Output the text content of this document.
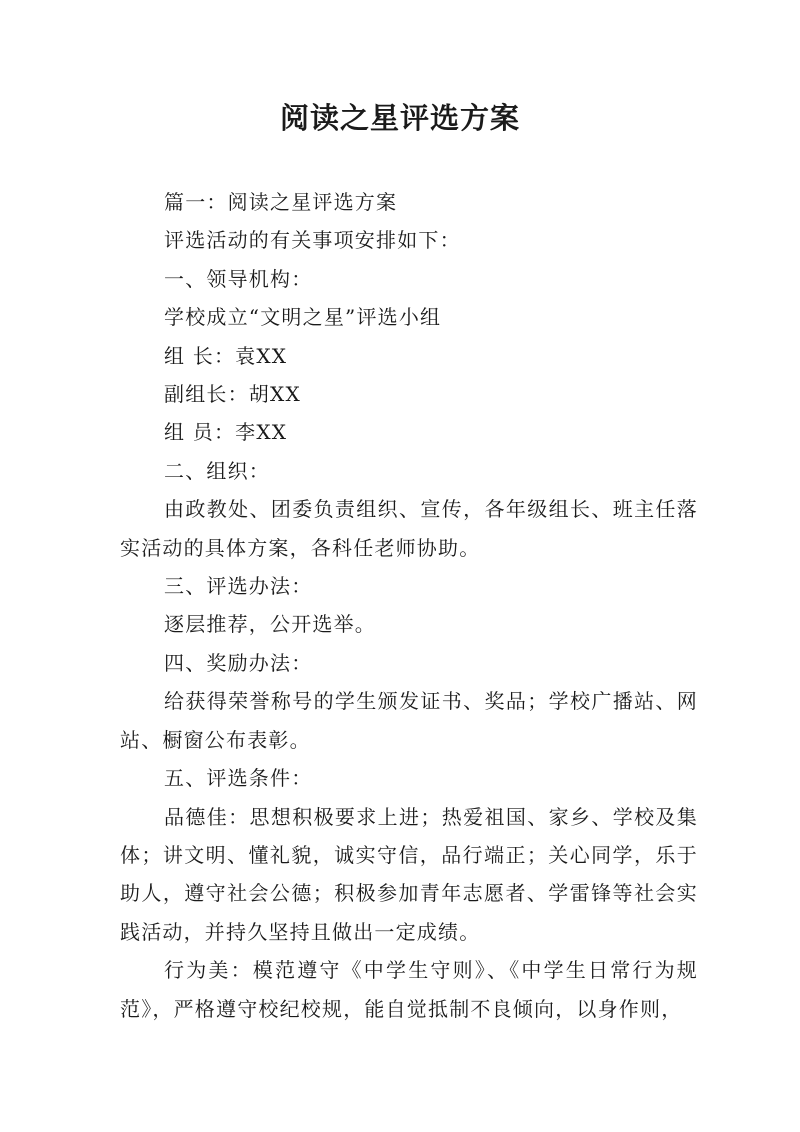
阅读之星评选方案

篇一：阅读之星评选方案

评选活动的有关事项安排如下：

一、领导机构：

学校成立“文明之星”评选小组

组 长：袁XX

副组长：胡XX

组 员：李XX

二、组织：

由政教处、团委负责组织、宣传，各年级组长、班主任落实活动的具体方案，各科任老师协助。

三、评选办法：

逐层推荐，公开选举。

四、奖励办法：

给获得荣誉称号的学生颁发证书、奖品；学校广播站、网站、橱窗公布表彰。

五、评选条件：

品德佳：思想积极要求上进；热爱祖国、家乡、学校及集体；讲文明、懂礼貌，诚实守信，品行端正；关心同学，乐于助人，遵守社会公德；积极参加青年志愿者、学雷锋等社会实践活动，并持久坚持且做出一定成绩。

行为美：模范遵守《中学生守则》、《中学生日常行为规范》，严格遵守校纪校规，能自觉抵制不良倾向，以身作则，
